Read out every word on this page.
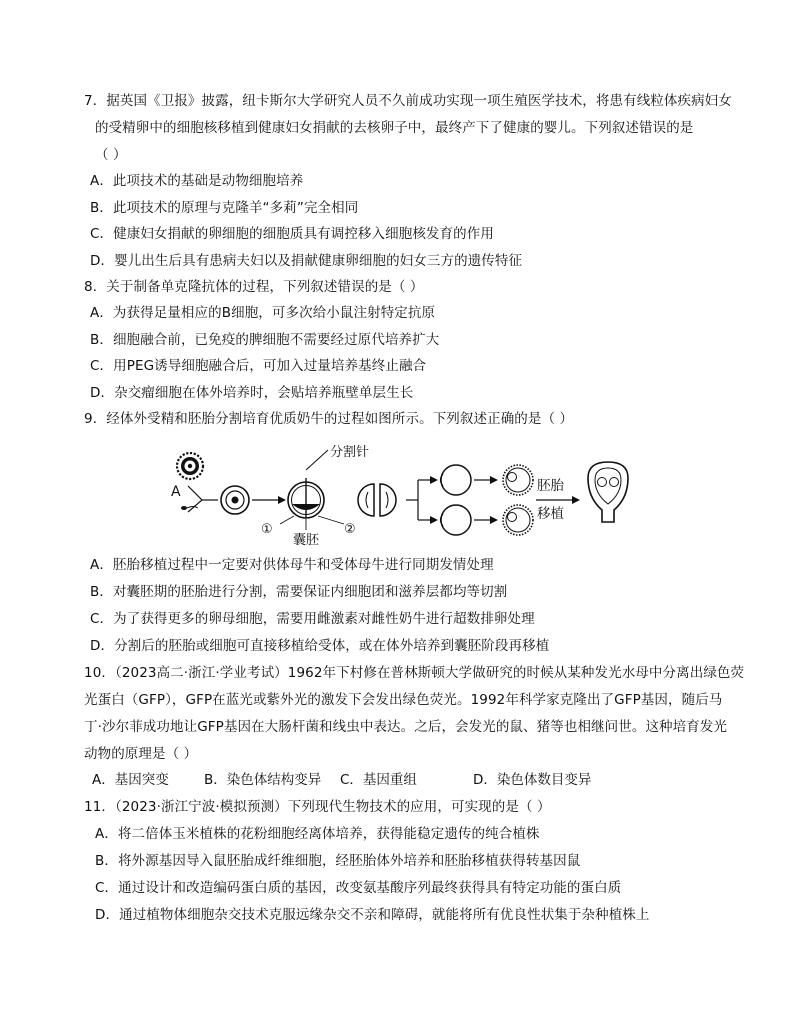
7．据英国《卫报》披露，纽卡斯尔大学研究人员不久前成功实现一项生殖医学技术，将患有线粒体疾病妇女
的受精卵中的细胞核移植到健康妇女捐献的去核卵子中，最终产下了健康的婴儿。下列叙述错误的是
（ ）
A．此项技术的基础是动物细胞培养
B．此项技术的原理与克隆羊“多莉”完全相同
C．健康妇女捐献的卵细胞的细胞质具有调控移入细胞核发育的作用
D．婴儿出生后具有患病夫妇以及捐献健康卵细胞的妇女三方的遗传特征
8．关于制备单克隆抗体的过程，下列叙述错误的是（ ）
A．为获得足量相应的B细胞，可多次给小鼠注射特定抗原
B．细胞融合前，已免疫的脾细胞不需要经过原代培养扩大
C．用PEG诱导细胞融合后，可加入过量培养基终止融合
D．杂交瘤细胞在体外培养时，会贴培养瓶壁单层生长
9．经体外受精和胚胎分割培育优质奶牛的过程如图所示。下列叙述正确的是（ ）
A
分割针
①	②
囊胚
胚胎
移植
A．胚胎移植过程中一定要对供体母牛和受体母牛进行同期发情处理
B．对囊胚期的胚胎进行分割，需要保证内细胞团和滋养层都均等切割
C．为了获得更多的卵母细胞，需要用雌激素对雌性奶牛进行超数排卵处理
D．分割后的胚胎或细胞可直接移植给受体，或在体外培养到囊胚阶段再移植
10．（2023高二·浙江·学业考试）1962年下村修在普林斯顿大学做研究的时候从某种发光水母中分离出绿色荧
光蛋白（GFP），GFP在蓝光或紫外光的激发下会发出绿色荧光。1992年科学家克隆出了GFP基因，随后马
丁·沙尔菲成功地让GFP基因在大肠杆菌和线虫中表达。之后，会发光的鼠、猪等也相继问世。这种培育发光
动物的原理是（ ）
A．基因突变	B．染色体结构变异 C．基因重组	D．染色体数目变异
11．（2023·浙江宁波·模拟预测）下列现代生物技术的应用，可实现的是（ ）
A．将二倍体玉米植株的花粉细胞经离体培养，获得能稳定遗传的纯合植株
B．将外源基因导入鼠胚胎成纤维细胞，经胚胎体外培养和胚胎移植获得转基因鼠
C．通过设计和改造编码蛋白质的基因，改变氨基酸序列最终获得具有特定功能的蛋白质
D．通过植物体细胞杂交技术克服远缘杂交不亲和障碍，就能将所有优良性状集于杂种植株上
